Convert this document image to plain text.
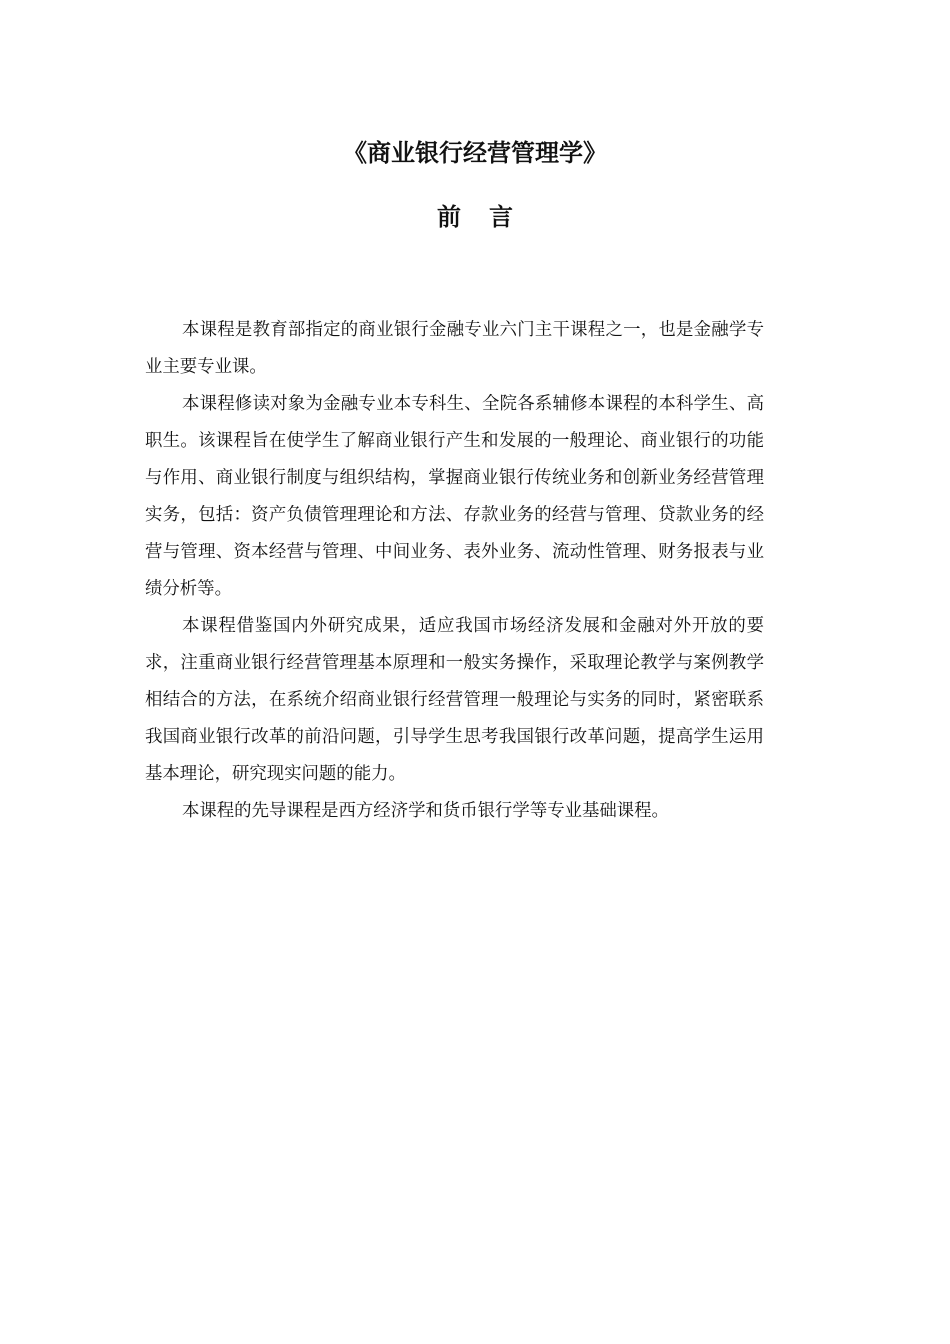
《商业银行经营管理学》
前言

本课程是教育部指定的商业银行金融专业六门主干课程之一，也是金融学专业主要专业课。

本课程修读对象为金融专业本专科生、全院各系辅修本课程的本科学生、高职生。该课程旨在使学生了解商业银行产生和发展的一般理论、商业银行的功能与作用、商业银行制度与组织结构，掌握商业银行传统业务和创新业务经营管理实务，包括：资产负债管理理论和方法、存款业务的经营与管理、贷款业务的经营与管理、资本经营与管理、中间业务、表外业务、流动性管理、财务报表与业绩分析等。

本课程借鉴国内外研究成果，适应我国市场经济发展和金融对外开放的要求，注重商业银行经营管理基本原理和一般实务操作，采取理论教学与案例教学相结合的方法，在系统介绍商业银行经营管理一般理论与实务的同时，紧密联系我国商业银行改革的前沿问题，引导学生思考我国银行改革问题，提高学生运用基本理论，研究现实问题的能力。

本课程的先导课程是西方经济学和货币银行学等专业基础课程。
